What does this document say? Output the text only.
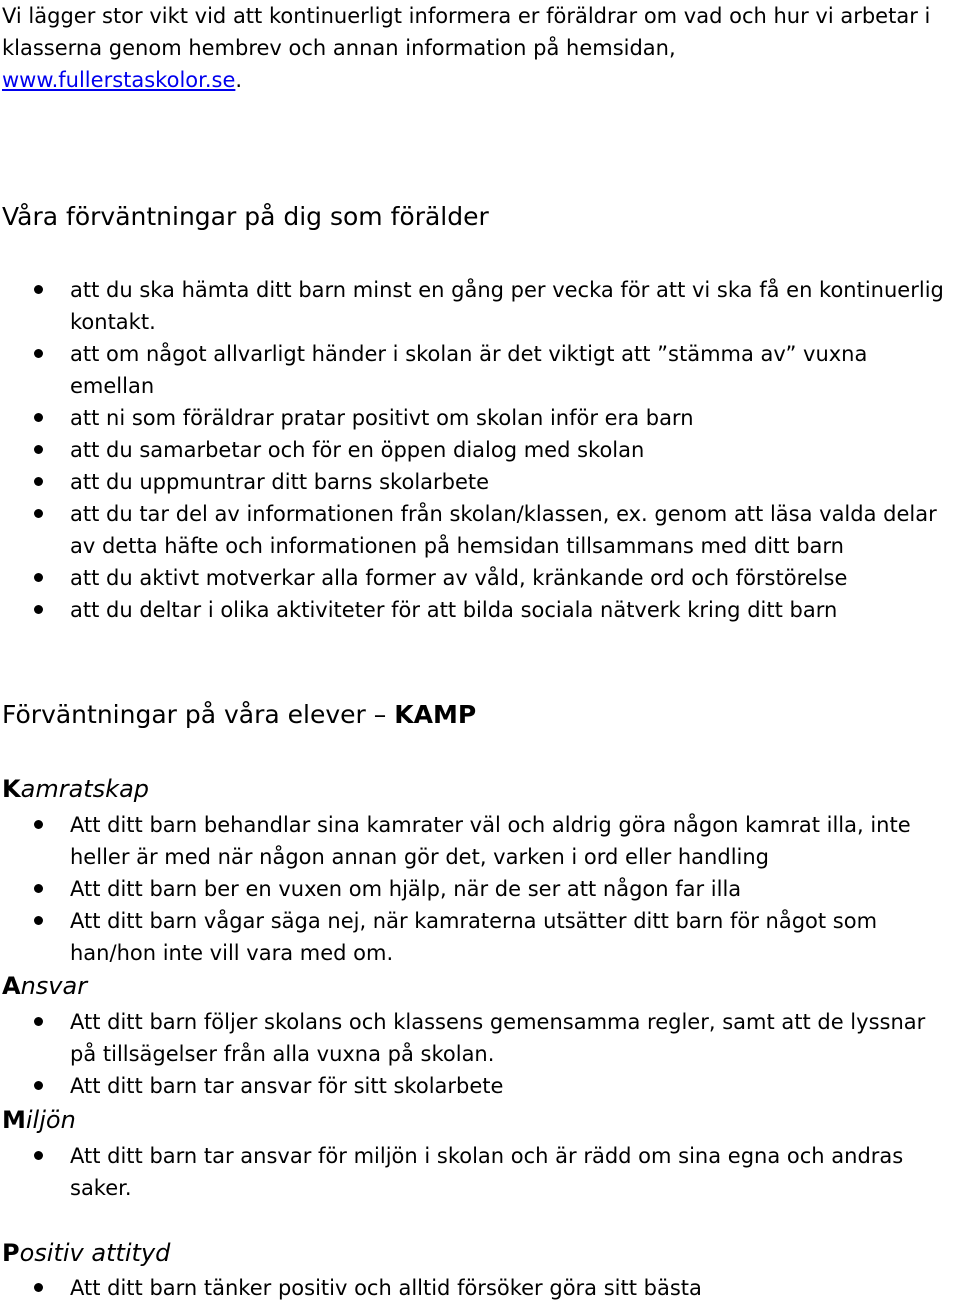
Vi lägger stor vikt vid att kontinuerligt informera er föräldrar om vad och hur vi arbetar i klasserna genom hembrev och annan information på hemsidan,
www.fullerstaskolor.se.

Våra förväntningar på dig som förälder
att du ska hämta ditt barn minst en gång per vecka för att vi ska få en kontinuerlig kontakt.
att om något allvarligt händer i skolan är det viktigt att ”stämma av” vuxna emellan
att ni som föräldrar pratar positivt om skolan inför era barn
att du samarbetar och för en öppen dialog med skolan
att du uppmuntrar ditt barns skolarbete
att du tar del av informationen från skolan/klassen, ex. genom att läsa valda delar av detta häfte och informationen på hemsidan tillsammans med ditt barn
att du aktivt motverkar alla former av våld, kränkande ord och förstörelse
att du deltar i olika aktiviteter för att bilda sociala nätverk kring ditt barn
Förväntningar på våra elever – KAMP
Kamratskap
Att ditt barn behandlar sina kamrater väl och aldrig göra någon kamrat illa, inte heller är med när någon annan gör det, varken i ord eller handling
Att ditt barn ber en vuxen om hjälp, när de ser att någon far illa
Att ditt barn vågar säga nej, när kamraterna utsätter ditt barn för något som han/hon inte vill vara med om.
Ansvar
Att ditt barn följer skolans och klassens gemensamma regler, samt att de lyssnar på tillsägelser från alla vuxna på skolan.
Att ditt barn tar ansvar för sitt skolarbete
Miljön
Att ditt barn tar ansvar för miljön i skolan och är rädd om sina egna och andras saker.
Positiv attityd
Att ditt barn tänker positiv och alltid försöker göra sitt bästa
